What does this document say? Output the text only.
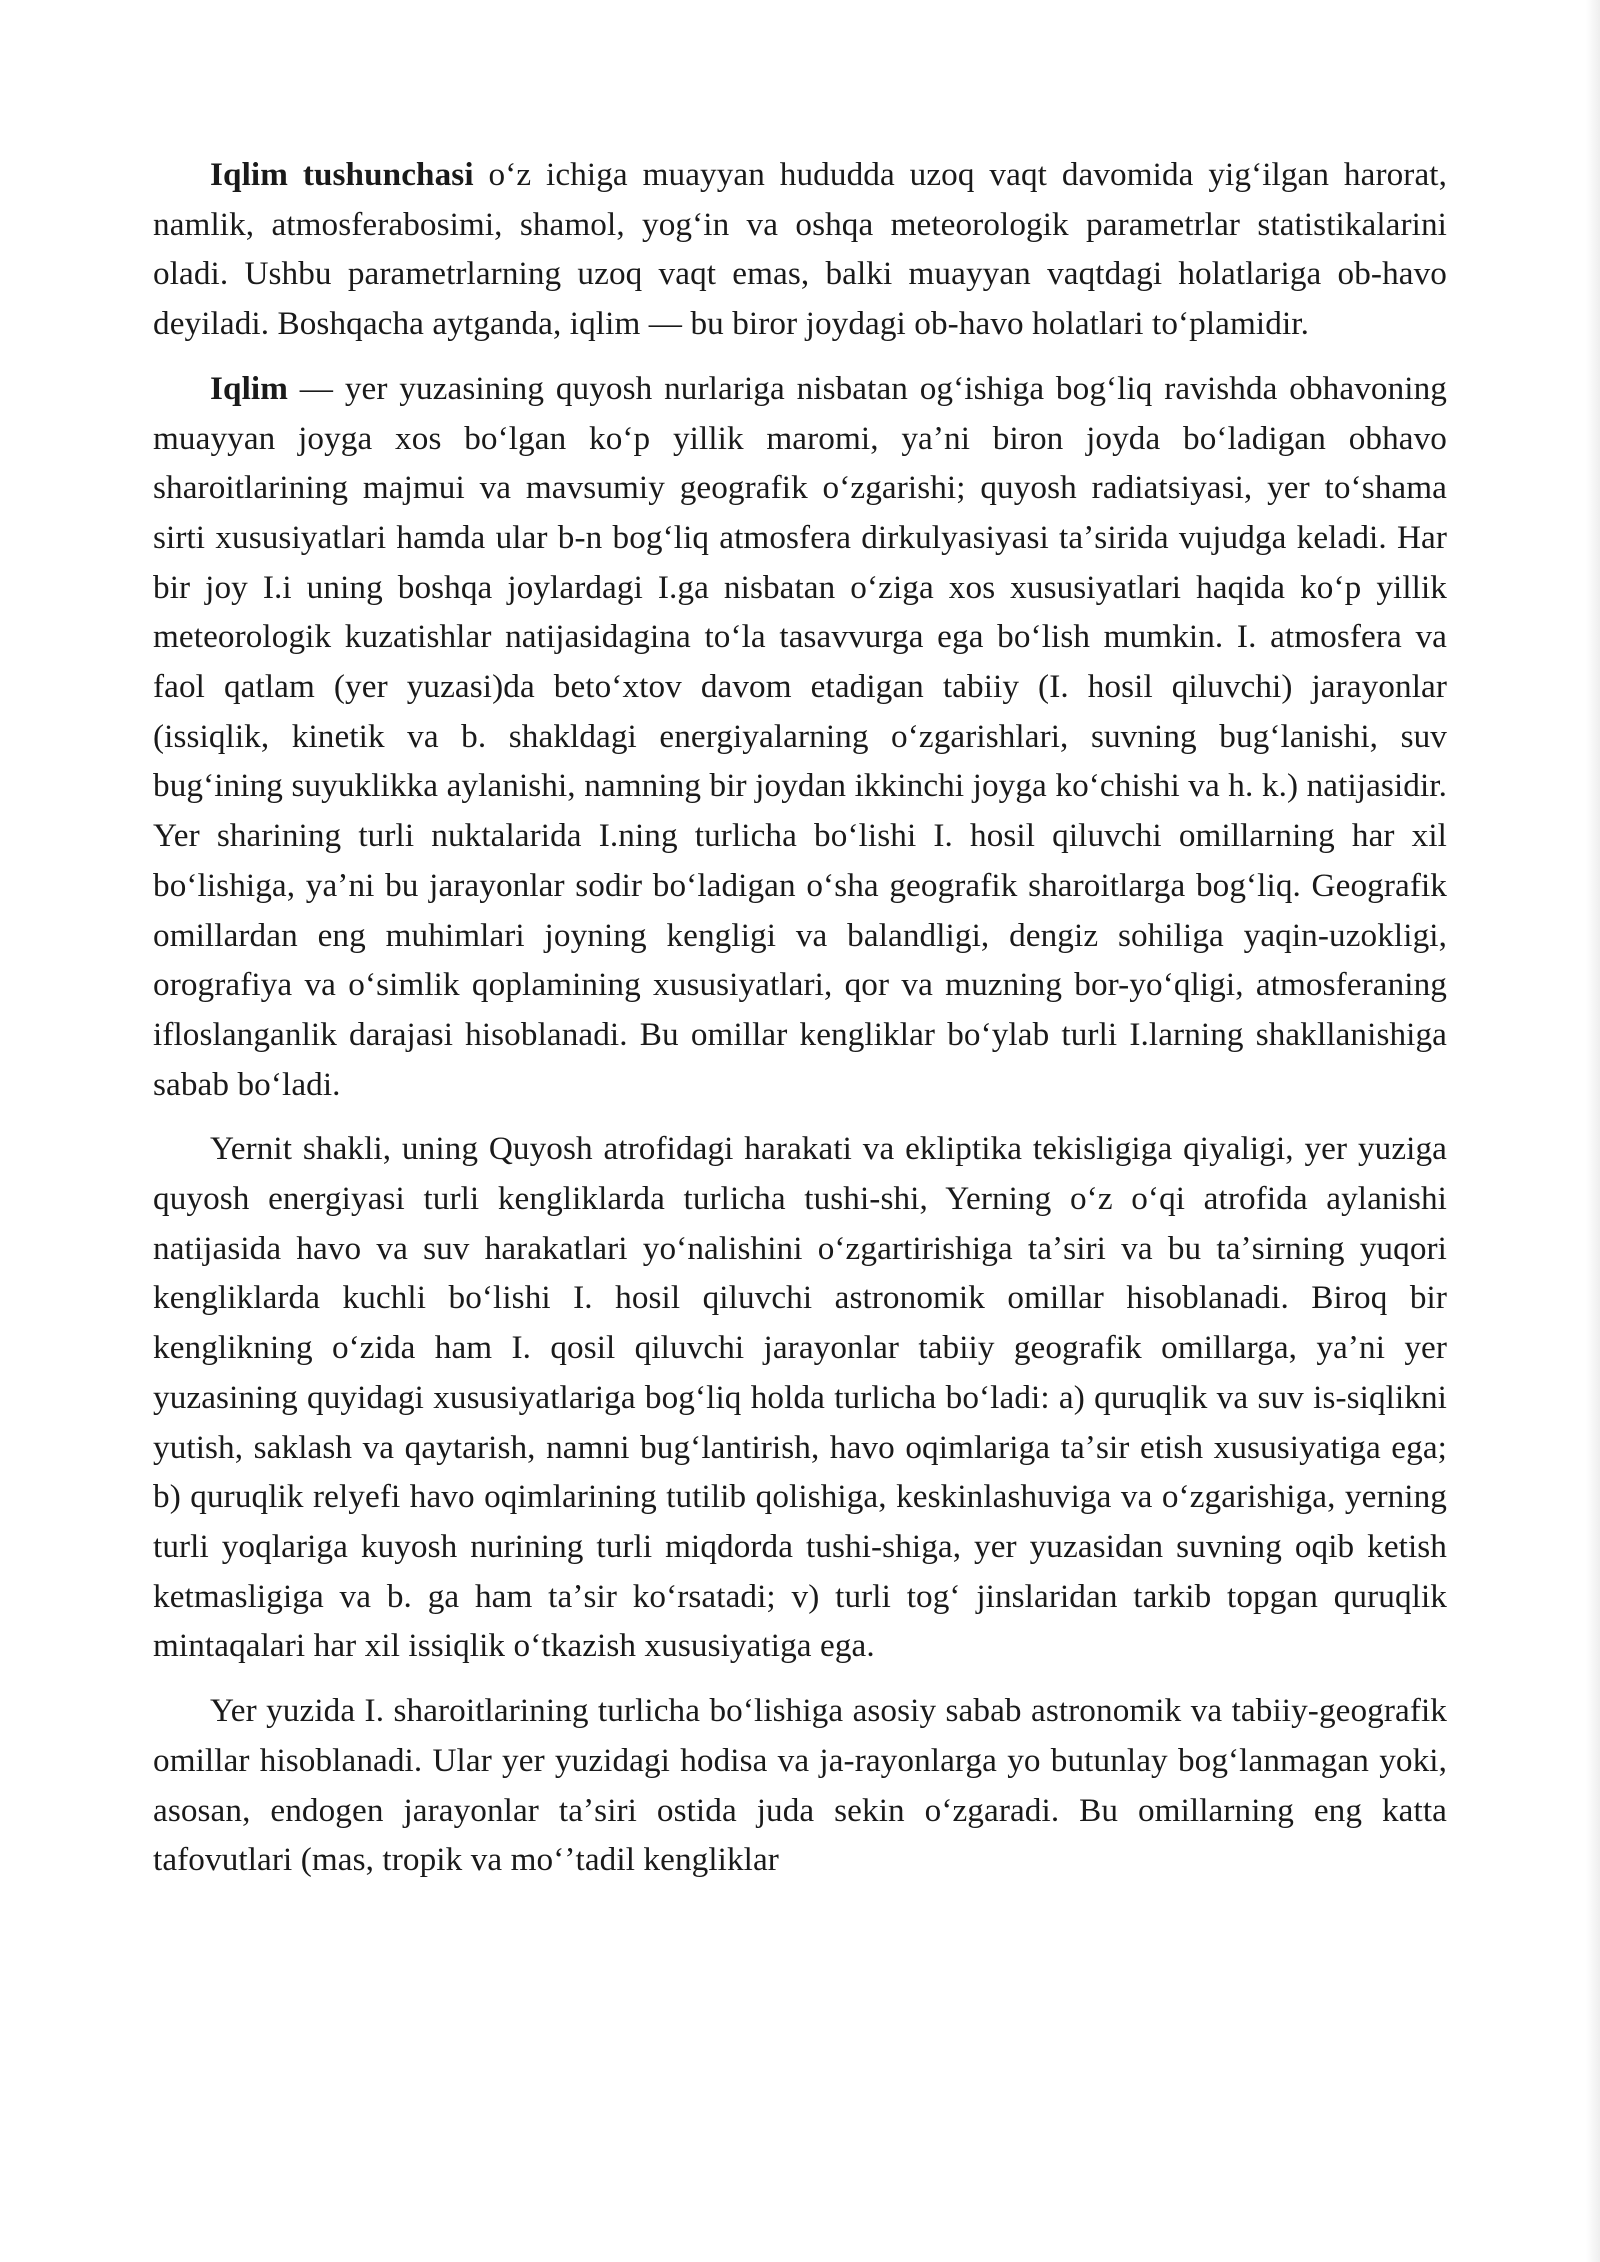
Iqlim tushunchasi oʻz ichiga muayyan hududda uzoq vaqt davomida yigʻilgan harorat, namlik, atmosferabosimi, shamol, yogʻin va oshqa meteorologik parametrlar statistikalarini oladi. Ushbu parametrlarning uzoq vaqt emas, balki muayyan vaqtdagi holatlariga ob-havo deyiladi. Boshqacha aytganda, iqlim — bu biror joydagi ob-havo holatlari toʻplamidir.

Iqlim — yer yuzasining quyosh nurlariga nisbatan ogʻishiga bogʻliq ravishda obhavoning muayyan joyga xos boʻlgan koʻp yillik maromi, yaʼni biron joyda boʻladigan obhavo sharoitlarining majmui va mavsumiy geografik oʻzgarishi; quyosh radiatsiyasi, yer toʻshama sirti xususiyatlari hamda ular b-n bogʻliq atmosfera dirkulyasiyasi taʼsirida vujudga keladi. Har bir joy I.i uning boshqa joylardagi I.ga nisbatan oʻziga xos xususiyatlari haqida koʻp yillik meteorologik kuzatishlar natijasidagina toʻla tasavvurga ega boʻlish mumkin. I. atmosfera va faol qatlam (yer yuzasi)da betoʻxtov davom etadigan tabiiy (I. hosil qiluvchi) jarayonlar (issiqlik, kinetik va b. shakldagi energiyalarning oʻzgarishlari, suvning bugʻlanishi, suv bugʻining suyuklikka aylanishi, namning bir joydan ikkinchi joyga koʻchishi va h. k.) natijasidir. Yer sharining turli nuktalarida I.ning turlicha boʻlishi I. hosil qiluvchi omillarning har xil boʻlishiga, yaʼni bu jarayonlar sodir boʻladigan oʻsha geografik sharoitlarga bogʻliq. Geografik omillardan eng muhimlari joyning kengligi va balandligi, dengiz sohiliga yaqin-uzokligi, orografiya va oʻsimlik qoplamining xususiyatlari, qor va muzning bor-yoʻqligi, atmosferaning ifloslanganlik darajasi hisoblanadi. Bu omillar kengliklar boʻylab turli I.larning shakllanishiga sabab boʻladi.

Yernit shakli, uning Quyosh atrofidagi harakati va ekliptika tekisligiga qiyaligi, yer yuziga quyosh energiyasi turli kengliklarda turlicha tushi-shi, Yerning oʻz oʻqi atrofida aylanishi natijasida havo va suv harakatlari yoʻnalishini oʻzgartirishiga taʼsiri va bu taʼsirning yuqori kengliklarda kuchli boʻlishi I. hosil qiluvchi astronomik omillar hisoblanadi. Biroq bir kenglikning oʻzida ham I. qosil qiluvchi jarayonlar tabiiy geografik omillarga, yaʼni yer yuzasining quyidagi xususiyatlariga bogʻliq holda turlicha boʻladi: a) quruqlik va suv is-siqlikni yutish, saklash va qaytarish, namni bugʻlantirish, havo oqimlariga taʼsir etish xususiyatiga ega; b) quruqlik relyefi havo oqimlarining tutilib qolishiga, keskinlashuviga va oʻzgarishiga, yerning turli yoqlariga kuyosh nurining turli miqdorda tushi-shiga, yer yuzasidan suvning oqib ketish ketmasligiga va b. ga ham taʼsir koʻrsatadi; v) turli togʻ jinslaridan tarkib topgan quruqlik mintaqalari har xil issiqlik oʻtkazish xususiyatiga ega.

Yer yuzida I. sharoitlarining turlicha boʻlishiga asosiy sabab astronomik va tabiiy-geografik omillar hisoblanadi. Ular yer yuzidagi hodisa va ja-rayonlarga yo butunlay bogʻlanmagan yoki, asosan, endogen jarayonlar taʼsiri ostida juda sekin oʻzgaradi. Bu omillarning eng katta tafovutlari (mas, tropik va moʻʼtadil kengliklar
